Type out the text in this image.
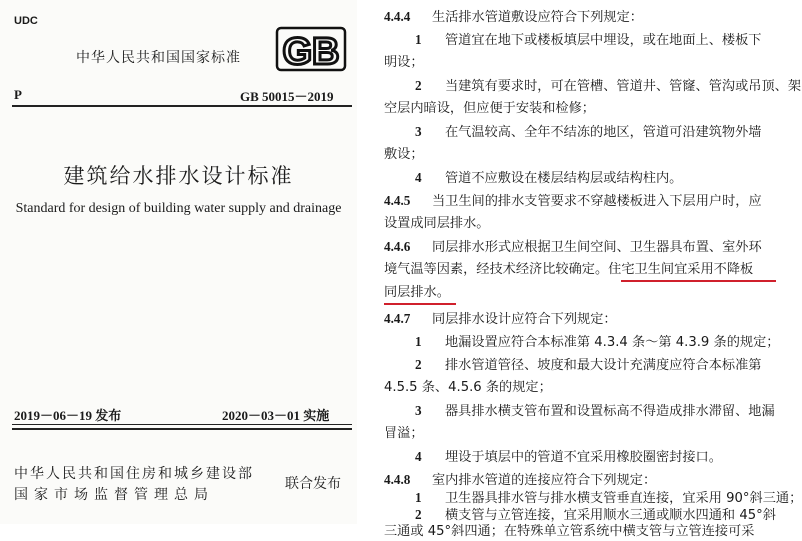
UDC
中华人民共和国国家标准 GB
P	GB 50015－2019
建筑给水排水设计标准
Standard for design of building water supply and drainage
2019－06－19 发布	2020－03－01 实施
中华人民共和国住房和城乡建设部
国家市场监督管理总局
联合发布
4.4.4 生活排水管道敷设应符合下列规定：
1 管道宜在地下或楼板填层中埋设，或在地面上、楼板下
明设；
2 当建筑有要求时，可在管槽、管道井、管窿、管沟或吊顶、架
空层内暗设，但应便于安装和检修；
3 在气温较高、全年不结冻的地区，管道可沿建筑物外墙
敷设；
4 管道不应敷设在楼层结构层或结构柱内。
4.4.5 当卫生间的排水支管要求不穿越楼板进入下层用户时，应
设置成同层排水。
4.4.6 同层排水形式应根据卫生间空间、卫生器具布置、室外环
境气温等因素，经技术经济比较确定。住宅卫生间宜采用不降板
同层排水。
4.4.7 同层排水设计应符合下列规定：
1 地漏设置应符合本标准第 4.3.4 条～第 4.3.9 条的规定；
2 排水管道管径、坡度和最大设计充满度应符合本标准第
4.5.5 条、4.5.6 条的规定；
3 器具排水横支管布置和设置标高不得造成排水滞留、地漏
冒溢；
4 埋设于填层中的管道不宜采用橡胶圈密封接口。
4.4.8 室内排水管道的连接应符合下列规定：
1 卫生器具排水管与排水横支管垂直连接，宜采用 90°斜三通；
2 横支管与立管连接，宜采用顺水三通或顺水四通和 45°斜
三通或 45°斜四通；在特殊单立管系统中横支管与立管连接可采
